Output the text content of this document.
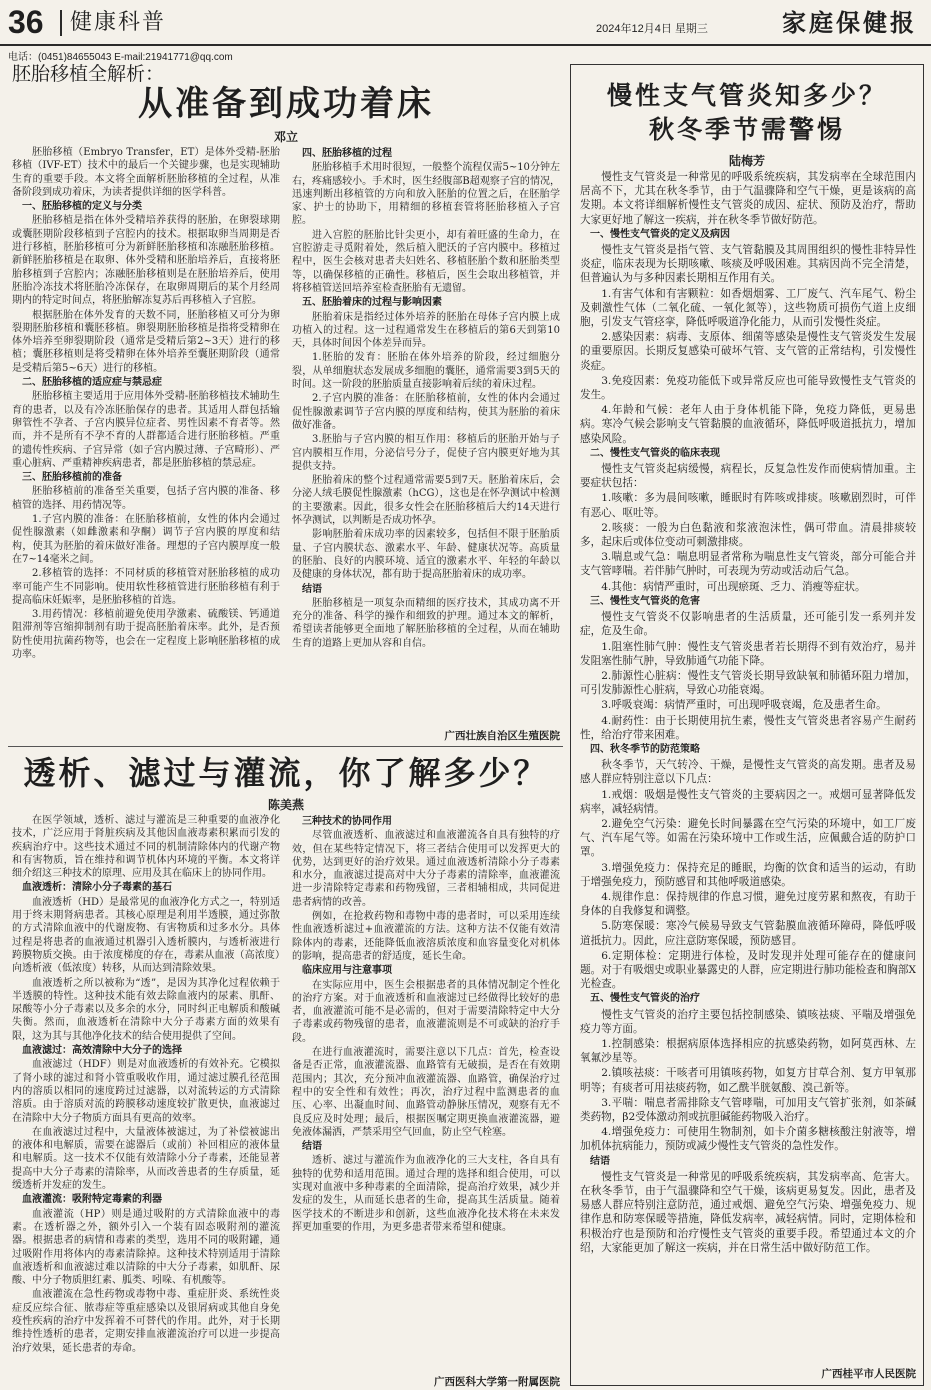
36	健康科普	2024年12月4日 星期三	家庭保健报
电话：(0451)84655043 E-mail:21941771@qq.com
胚胎移植全解析：
从准备到成功着床
邓立

胚胎移植（Embryo Transfer，ET）是体外受精-胚胎移植（IVF-ET）技术中的最后一个关键步骤，也是实现辅助生育的重要手段。本文将全面解析胚胎移植的全过程，从准备阶段到成功着床，为读者提供详细的医学科普。

一、胚胎移植的定义与分类

胚胎移植是指在体外受精培养获得的胚胎，在卵裂球期或囊胚期阶段移植到子宫腔内的技术。根据取卵当周期是否进行移植，胚胎移植可分为新鲜胚胎移植和冻融胚胎移植。新鲜胚胎移植是在取卵、体外受精和胚胎培养后，直接将胚胎移植到子宫腔内；冻融胚胎移植则是在胚胎培养后，使用胚胎冷冻技术将胚胎冷冻保存，在取卵周期后的某个月经周期内的特定时间点，将胚胎解冻复苏后再移植入子宫腔。

根据胚胎在体外发育的天数不同，胚胎移植又可分为卵裂期胚胎移植和囊胚移植。卵裂期胚胎移植是指将受精卵在体外培养至卵裂期阶段（通常是受精后第2~3天）进行的移植；囊胚移植则是将受精卵在体外培养至囊胚期阶段（通常是受精后第5~6天）进行的移植。

二、胚胎移植的适应症与禁忌症

胚胎移植主要适用于应用体外受精-胚胎移植技术辅助生育的患者，以及有冷冻胚胎保存的患者。其适用人群包括输卵管性不孕者、子宫内膜异位症者、男性因素不育者等。然而，并不是所有不孕不育的人群都适合进行胚胎移植。严重的遗传性疾病、子宫异常（如子宫内膜过薄、子宫畸形）、严重心脏病、严重精神疾病患者，都是胚胎移植的禁忌症。

三、胚胎移植前的准备

胚胎移植前的准备至关重要，包括子宫内膜的准备、移植管的选择、用药情况等。

1.子宫内膜的准备：在胚胎移植前，女性的体内会通过促性腺激素（如雌激素和孕酮）调节子宫内膜的厚度和结构，使其为胚胎的着床做好准备。理想的子宫内膜厚度一般在7~14毫米之间。

2.移植管的选择：不同材质的移植管对胚胎移植的成功率可能产生不同影响。使用软性移植管进行胚胎移植有利于提高临床妊娠率，是胚胎移植的首选。

3.用药情况：移植前避免使用孕激素、硫酸镁、钙通道阻滞剂等宫缩抑制剂有助于提高胚胎着床率。此外，是否预防性使用抗菌药物等，也会在一定程度上影响胚胎移植的成功率。

四、胚胎移植的过程

胚胎移植手术用时很短，一般整个流程仅需5~10分钟左右，疼痛感较小。手术时，医生经腹部B超观察子宫的情况，迅速判断出移植管的方向和放入胚胎的位置之后，在胚胎学家、护士的协助下，用精细的移植套管将胚胎移植入子宫腔。

进入宫腔的胚胎比针尖更小，却有着旺盛的生命力，在宫腔游走寻觅附着处，然后植入肥沃的子宫内膜中。移植过程中，医生会核对患者夫妇姓名、移植胚胎个数和胚胎类型等，以确保移植的正确性。移植后，医生会取出移植管，并将移植管送回培养室检查胚胎有无遗留。

五、胚胎着床的过程与影响因素

胚胎着床是指经过体外培养的胚胎在母体子宫内膜上成功植入的过程。这一过程通常发生在移植后的第6天到第10天，具体时间因个体差异而异。

1.胚胎的发育：胚胎在体外培养的阶段，经过细胞分裂，从单细胞状态发展成多细胞的囊胚，通常需要3到5天的时间。这一阶段的胚胎质量直接影响着后续的着床过程。

2.子宫内膜的准备：在胚胎移植前，女性的体内会通过促性腺激素调节子宫内膜的厚度和结构，使其为胚胎的着床做好准备。

3.胚胎与子宫内膜的相互作用：移植后的胚胎开始与子宫内膜相互作用，分泌信号分子，促使子宫内膜更好地为其提供支持。

胚胎着床的整个过程通常需要5到7天。胚胎着床后，会分泌人绒毛膜促性腺激素（hCG），这也是在怀孕测试中检测的主要激素。因此，很多女性会在胚胎移植后大约14天进行怀孕测试，以判断是否成功怀孕。

影响胚胎着床成功率的因素较多，包括但不限于胚胎质量、子宫内膜状态、激素水平、年龄、健康状况等。高质量的胚胎、良好的内膜环境、适宜的激素水平、年轻的年龄以及健康的身体状况，都有助于提高胚胎着床的成功率。

结语

胚胎移植是一项复杂而精细的医疗技术，其成功离不开充分的准备、科学的操作和细致的护理。通过本文的解析，希望读者能够更全面地了解胚胎移植的全过程，从而在辅助生育的道路上更加从容和自信。

广西壮族自治区生殖医院
透析、滤过与灌流，你了解多少？
陈美燕

在医学领域，透析、滤过与灌流是三种重要的血液净化技术，广泛应用于肾脏疾病及其他因血液毒素积累而引发的疾病治疗中。这些技术通过不同的机制清除体内的代谢产物和有害物质，旨在维持和调节机体内环境的平衡。本文将详细介绍这三种技术的原理、应用及其在临床上的协同作用。

血液透析：清除小分子毒素的基石

血液透析（HD）是最常见的血液净化方式之一，特别适用于终末期肾病患者。其核心原理是利用半透膜，通过弥散的方式清除血液中的代谢废物、有害物质和过多水分。具体过程是将患者的血液通过机器引入透析膜内，与透析液进行跨膜物质交换。由于浓度梯度的存在，毒素从血液（高浓度）向透析液（低浓度）转移，从而达到清除效果。

血液透析之所以被称为“透”，是因为其净化过程依赖于半透膜的特性。这种技术能有效去除血液内的尿素、肌酐、尿酸等小分子毒素以及多余的水分，同时纠正电解质和酸碱失衡。然而，血液透析在清除中大分子毒素方面的效果有限，这为其与其他净化技术的结合使用提供了空间。

血液滤过：高效清除中大分子的选择

血液滤过（HDF）则是对血液透析的有效补充。它模拟了肾小球的滤过和肾小管重吸收作用，通过滤过膜孔径范围内的溶质以相同的速度跨过过滤器，以对流转运的方式清除溶质。由于溶质对流的跨膜移动速度较扩散更快，血液滤过在清除中大分子物质方面具有更高的效率。

在血液滤过过程中，大量液体被滤过，为了补偿被滤出的液体和电解质，需要在滤器后（或前）补回相应的液体量和电解质。这一技术不仅能有效清除小分子毒素，还能显著提高中大分子毒素的清除率，从而改善患者的生存质量，延缓透析并发症的发生。

血液灌流：吸附特定毒素的利器

血液灌流（HP）则是通过吸附的方式清除血液中的毒素。在透析器之外，额外引入一个装有固态吸附剂的灌流器。根据患者的病情和毒素的类型，选用不同的吸附罐，通过吸附作用将体内的毒素清除掉。这种技术特别适用于清除血液透析和血液滤过难以清除的中大分子毒素，如肌酐、尿酸、中分子物质胆红素、胍类、吲哚、有机酸等。

血液灌流在急性药物或毒物中毒、重症肝炎、系统性炎症反应综合征、脓毒症等重症感染以及银屑病或其他自身免疫性疾病的治疗中发挥着不可替代的作用。此外，对于长期维持性透析的患者，定期安排血液灌流治疗可以进一步提高治疗效果，延长患者的寿命。

三种技术的协同作用

尽管血液透析、血液滤过和血液灌流各自具有独特的疗效，但在某些特定情况下，将三者结合使用可以发挥更大的优势，达到更好的治疗效果。通过血液透析清除小分子毒素和水分，血液滤过提高对中大分子毒素的清除率，血液灌流进一步清除特定毒素和药物残留，三者相辅相成，共同促进患者病情的改善。

例如，在抢救药物和毒物中毒的患者时，可以采用连续性血液透析滤过+血液灌流的方法。这种方法不仅能有效清除体内的毒素，还能降低血液溶质浓度和血容量变化对机体的影响，提高患者的舒适度，延长生命。

临床应用与注意事项

在实际应用中，医生会根据患者的具体情况制定个性化的治疗方案。对于血液透析和血液滤过已经做得比较好的患者，血液灌流可能不是必需的，但对于需要清除特定中大分子毒素或药物残留的患者，血液灌流则是不可或缺的治疗手段。

在进行血液灌流时，需要注意以下几点：首先，检查设备是否正常，血液灌流器、血路管有无破损，是否在有效期范围内；其次，充分预冲血液灌流器、血路管，确保治疗过程中的安全性和有效性；再次，治疗过程中监测患者的血压、心率、出凝血时间、血路管动静脉压情况，观察有无不良反应及时处理；最后，根据医嘱定期更换血液灌流器，避免液体漏洒，严禁采用空气回血，防止空气栓塞。

结语

透析、滤过与灌流作为血液净化的三大支柱，各自具有独特的优势和适用范围。通过合理的选择和组合使用，可以实现对血液中多种毒素的全面清除，提高治疗效果，减少并发症的发生，从而延长患者的生命，提高其生活质量。随着医学技术的不断进步和创新，这些血液净化技术将在未来发挥更加重要的作用，为更多患者带来希望和健康。

广西医科大学第一附属医院
慢性支气管炎知多少？
秋冬季节需警惕
陆梅芳

慢性支气管炎是一种常见的呼吸系统疾病，其发病率在全球范围内居高不下，尤其在秋冬季节，由于气温骤降和空气干燥，更是该病的高发期。本文将详细解析慢性支气管炎的成因、症状、预防及治疗，帮助大家更好地了解这一疾病，并在秋冬季节做好防范。

一、慢性支气管炎的定义及病因

慢性支气管炎是指气管、支气管黏膜及其周围组织的慢性非特异性炎症，临床表现为长期咳嗽、咳痰及呼吸困难。其病因尚不完全清楚，但普遍认为与多种因素长期相互作用有关。

1.有害气体和有害颗粒：如香烟烟雾、工厂废气、汽车尾气、粉尘及刺激性气体（二氧化硫、一氧化氮等），这些物质可损伤气道上皮细胞，引发支气管痉挛，降低呼吸道净化能力，从而引发慢性炎症。

2.感染因素：病毒、支原体、细菌等感染是慢性支气管炎发生发展的重要原因。长期反复感染可破坏气管、支气管的正常结构，引发慢性炎症。

3.免疫因素：免疫功能低下或异常反应也可能导致慢性支气管炎的发生。

4.年龄和气候：老年人由于身体机能下降，免疫力降低，更易患病。寒冷气候会影响支气管黏膜的血液循环，降低呼吸道抵抗力，增加感染风险。

二、慢性支气管炎的临床表现

慢性支气管炎起病缓慢，病程长，反复急性发作而使病情加重。主要症状包括：

1.咳嗽：多为晨间咳嗽，睡眠时有阵咳或排痰。咳嗽剧烈时，可伴有恶心、呕吐等。

2.咳痰：一般为白色黏液和浆液泡沫性，偶可带血。清晨排痰较多，起床后或体位变动可刺激排痰。

3.喘息或气急：喘息明显者常称为喘息性支气管炎，部分可能合并支气管哮喘。若伴肺气肿时，可表现为劳动或活动后气急。

4.其他：病情严重时，可出现瘀斑、乏力、消瘦等症状。

三、慢性支气管炎的危害

慢性支气管炎不仅影响患者的生活质量，还可能引发一系列并发症，危及生命。

1.阻塞性肺气肿：慢性支气管炎患者若长期得不到有效治疗，易并发阻塞性肺气肿，导致肺通气功能下降。

2.肺源性心脏病：慢性支气管炎长期导致缺氧和肺循环阻力增加，可引发肺源性心脏病，导致心功能衰竭。

3.呼吸衰竭：病情严重时，可出现呼吸衰竭，危及患者生命。

4.耐药性：由于长期使用抗生素，慢性支气管炎患者容易产生耐药性，给治疗带来困难。

四、秋冬季节的防范策略

秋冬季节，天气转冷、干燥，是慢性支气管炎的高发期。患者及易感人群应特别注意以下几点：

1.戒烟：吸烟是慢性支气管炎的主要病因之一。戒烟可显著降低发病率，减轻病情。

2.避免空气污染：避免长时间暴露在空气污染的环境中，如工厂废气、汽车尾气等。如需在污染环境中工作或生活，应佩戴合适的防护口罩。

3.增强免疫力：保持充足的睡眠，均衡的饮食和适当的运动，有助于增强免疫力，预防感冒和其他呼吸道感染。

4.规律作息：保持规律的作息习惯，避免过度劳累和熬夜，有助于身体的自我修复和调整。

5.防寒保暖：寒冷气候易导致支气管黏膜血液循环障碍，降低呼吸道抵抗力。因此，应注意防寒保暖，预防感冒。

6.定期体检：定期进行体检，及时发现并处理可能存在的健康问题。对于有吸烟史或职业暴露史的人群，应定期进行肺功能检查和胸部X光检查。

五、慢性支气管炎的治疗

慢性支气管炎的治疗主要包括控制感染、镇咳祛痰、平喘及增强免疫力等方面。

1.控制感染：根据病原体选择相应的抗感染药物，如阿莫西林、左氧氟沙星等。

2.镇咳祛痰：干咳者可用镇咳药物，如复方甘草合剂、复方甲氧那明等；有痰者可用祛痰药物，如乙酰半胱氨酸、溴己新等。

3.平喘：喘息者需排除支气管哮喘，可加用支气管扩张剂，如茶碱类药物，β2受体激动剂或抗胆碱能药物吸入治疗。

4.增强免疫力：可使用生物制剂，如卡介菌多糖核酸注射液等，增加机体抗病能力，预防或减少慢性支气管炎的急性发作。

结语

慢性支气管炎是一种常见的呼吸系统疾病，其发病率高、危害大。在秋冬季节，由于气温骤降和空气干燥，该病更易复发。因此，患者及易感人群应特别注意防范，通过戒烟、避免空气污染、增强免疫力、规律作息和防寒保暖等措施，降低发病率，减轻病情。同时，定期体检和积极治疗也是预防和治疗慢性支气管炎的重要手段。希望通过本文的介绍，大家能更加了解这一疾病，并在日常生活中做好防范工作。

广西桂平市人民医院
